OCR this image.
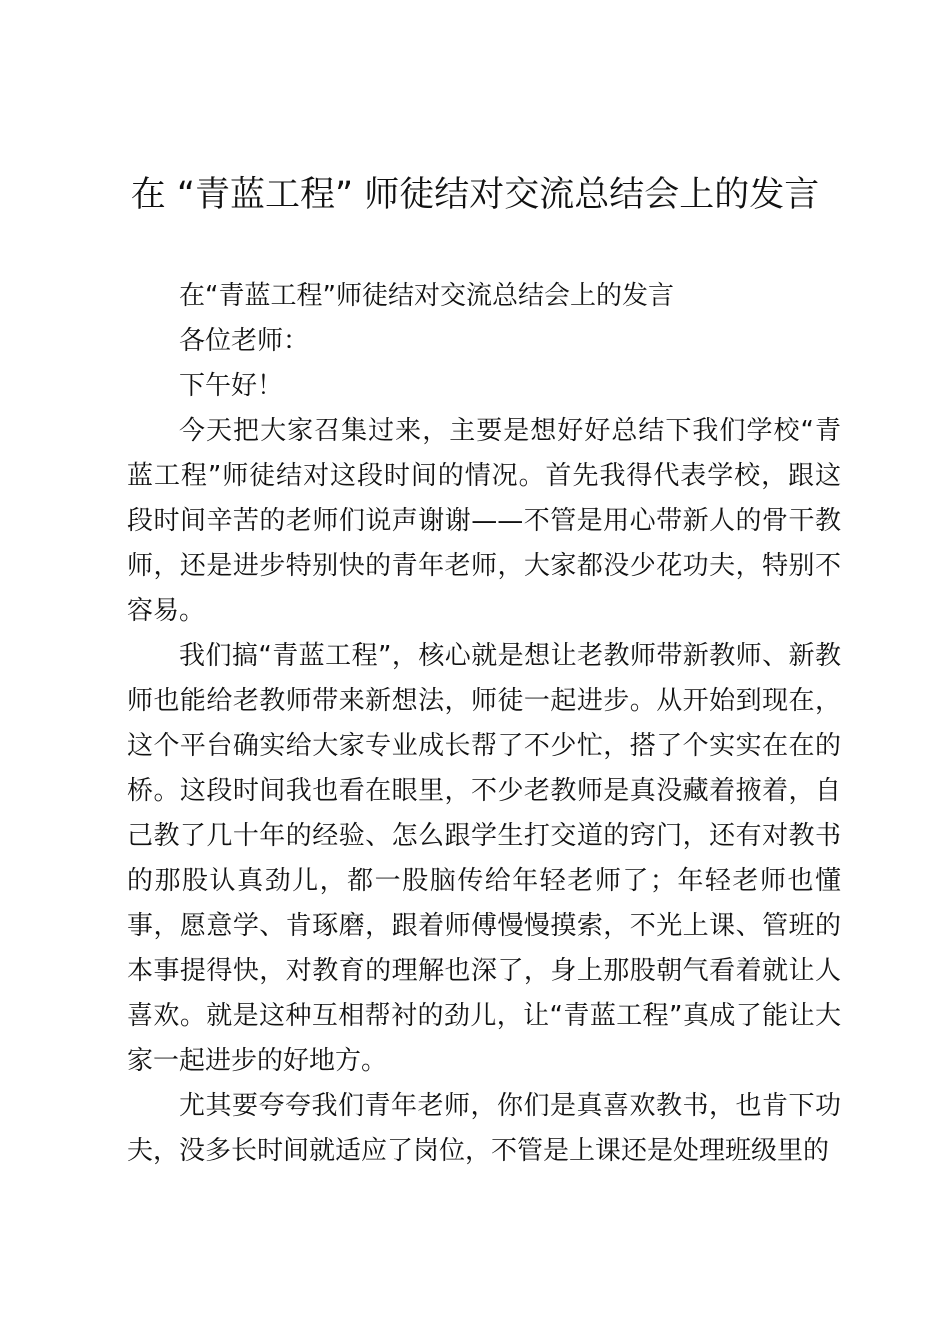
在 “青蓝工程” 师徒结对交流总结会上的发言

在“青蓝工程”师徒结对交流总结会上的发言

各位老师：

下午好！

今天把大家召集过来，主要是想好好总结下我们学校“青蓝工程”师徒结对这段时间的情况。首先我得代表学校，跟这段时间辛苦的老师们说声谢谢——不管是用心带新人的骨干教师，还是进步特别快的青年老师，大家都没少花功夫，特别不容易。

我们搞“青蓝工程”，核心就是想让老教师带新教师、新教师也能给老教师带来新想法，师徒一起进步。从开始到现在，这个平台确实给大家专业成长帮了不少忙，搭了个实实在在的桥。这段时间我也看在眼里，不少老教师是真没藏着掖着，自己教了几十年的经验、怎么跟学生打交道的窍门，还有对教书的那股认真劲儿，都一股脑传给年轻老师了；年轻老师也懂事，愿意学、肯琢磨，跟着师傅慢慢摸索，不光上课、管班的本事提得快，对教育的理解也深了，身上那股朝气看着就让人喜欢。就是这种互相帮衬的劲儿，让“青蓝工程”真成了能让大家一起进步的好地方。

尤其要夸夸我们青年老师，你们是真喜欢教书，也肯下功夫，没多长时间就适应了岗位，不管是上课还是处理班级里的
